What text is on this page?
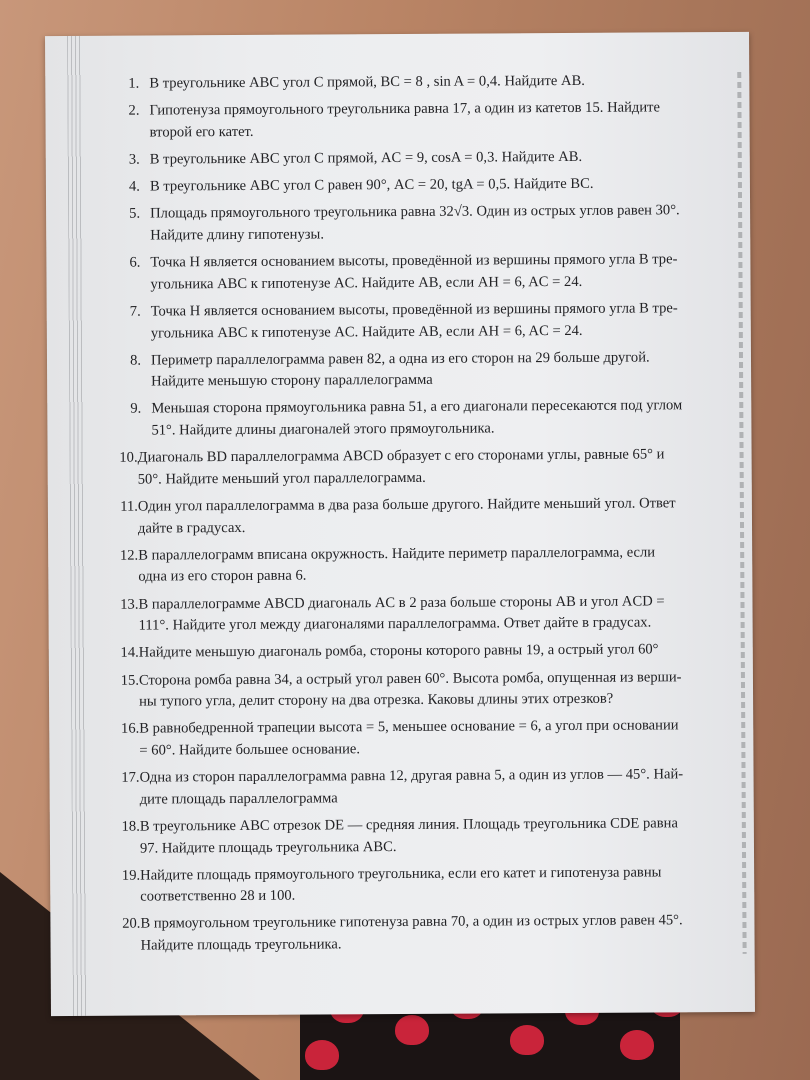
1. В треугольнике ABC угол C прямой, BC = 8 , sin A = 0,4. Найдите AB.
2. Гипотенуза прямоугольного треугольника равна 17, а один из катетов 15. Найдите
второй его катет.
3. В треугольнике ABC угол C прямой, AC = 9, cosA = 0,3. Найдите AB.
4. В треугольнике ABC угол C равен 90°, AC = 20, tgA = 0,5. Найдите BC.
5. Площадь прямоугольного треугольника равна 32√3. Один из острых углов равен 30°.
Найдите длину гипотенузы.
6. Точка H является основанием высоты, проведённой из вершины прямого угла B тре-
угольника ABC к гипотенузе AC. Найдите AB, если AH = 6, AC = 24.
7. Точка H является основанием высоты, проведённой из вершины прямого угла B тре-
угольника ABC к гипотенузе AC. Найдите AB, если AH = 6, AC = 24.
8. Периметр параллелограмма равен 82, а одна из его сторон на 29 больше другой.
Найдите меньшую сторону параллелограмма
9. Меньшая сторона прямоугольника равна 51, а его диагонали пересекаются под углом
51°. Найдите длины диагоналей этого прямоугольника.
10.Диагональ BD параллелограмма ABCD образует с его сторонами углы, равные 65° и
50°. Найдите меньший угол параллелограмма.
11.Один угол параллелограмма в два раза больше другого. Найдите меньший угол. Ответ
дайте в градусах.
12.В параллелограмм вписана окружность. Найдите периметр параллелограмма, если
одна из его сторон равна 6.
13.В параллелограмме ABCD диагональ AC в 2 раза больше стороны AB и угол ACD =
111°. Найдите угол между диагоналями параллелограмма. Ответ дайте в градусах.
14.Найдите меньшую диагональ ромба, стороны которого равны 19, а острый угол 60°
15.Сторона ромба равна 34, а острый угол равен 60°. Высота ромба, опущенная из верши-
ны тупого угла, делит сторону на два отрезка. Каковы длины этих отрезков?
16.В равнобедренной трапеции высота = 5, меньшее основание = 6, а угол при основании
= 60°. Найдите большее основание.
17.Одна из сторон параллелограмма равна 12, другая равна 5, а один из углов — 45°. Най-
дите площадь параллелограмма
18.В треугольнике ABC отрезок DE — средняя линия. Площадь треугольника CDE равна
97. Найдите площадь треугольника ABC.
19.Найдите площадь прямоугольного треугольника, если его катет и гипотенуза равны
соответственно 28 и 100.
20.В прямоугольном треугольнике гипотенуза равна 70, а один из острых углов равен 45°.
Найдите площадь треугольника.
